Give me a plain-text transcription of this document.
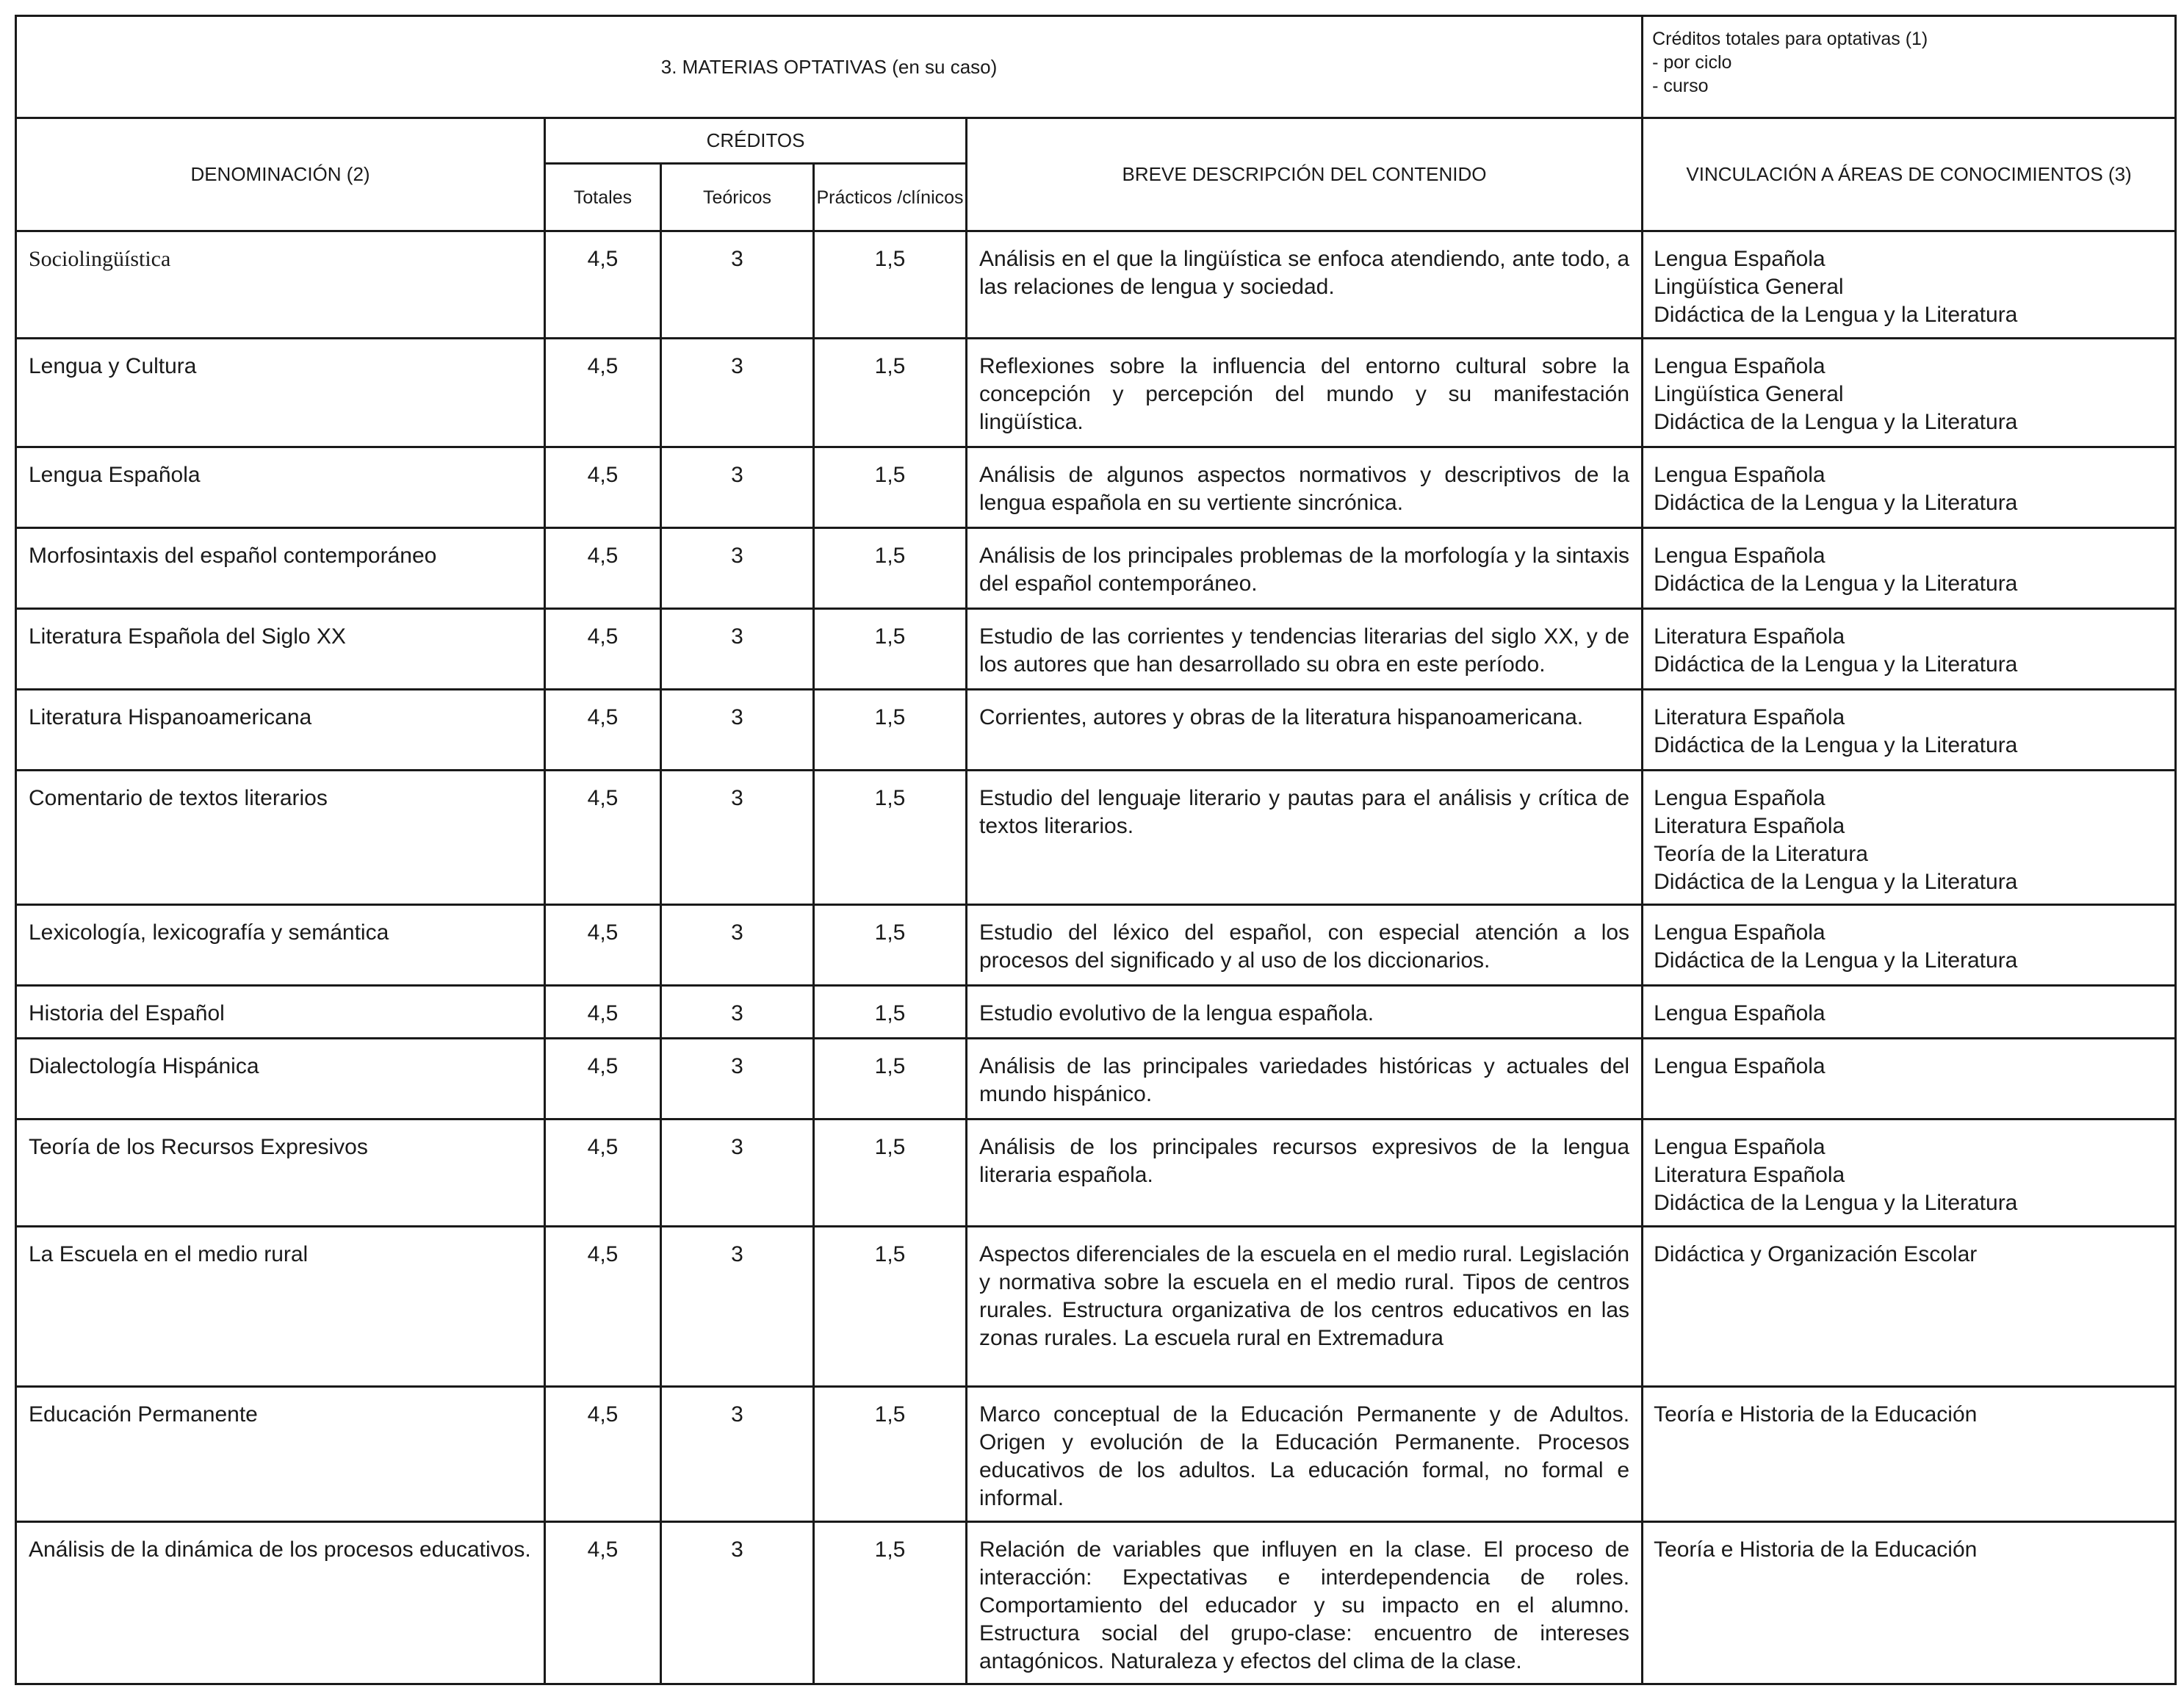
3. MATERIAS OPTATIVAS (en su caso)					Créditos totales para optativas (1)
- por ciclo
- curso

DENOMINACIÓN (2)	CRÉDITOS			BREVE DESCRIPCIÓN DEL CONTENIDO	VINCULACIÓN A ÁREAS DE CONOCIMIENTOS (3)
	Totales	Teóricos	Prácticos /clínicos		
Sociolingüística	4,5	3	1,5	Análisis en el que la lingüística se enfoca atendiendo, ante todo, a las relaciones de lengua y sociedad.	Lengua Española
Lingüística General
Didáctica de la Lengua y la Literatura

Lengua y Cultura	4,5	3	1,5	Reflexiones sobre la influencia del entorno cultural sobre la concepción y percepción del mundo y su manifestación lingüística.	Lengua Española
Lingüística General
Didáctica de la Lengua y la Literatura

Lengua Española	4,5	3	1,5	Análisis de algunos aspectos normativos y descriptivos de la lengua española en su vertiente sincrónica.	Lengua Española
Didáctica de la Lengua y la Literatura

Morfosintaxis del español contemporáneo	4,5	3	1,5	Análisis de los principales problemas de la morfología y la sintaxis del español contemporáneo.	Lengua Española
Didáctica de la Lengua y la Literatura

Literatura Española del Siglo XX	4,5	3	1,5	Estudio de las corrientes y tendencias literarias del siglo XX, y de los autores que han desarrollado su obra en este período.	Literatura Española
Didáctica de la Lengua y la Literatura

Literatura Hispanoamericana	4,5	3	1,5	Corrientes, autores y obras de la literatura hispanoamericana.	Literatura Española
Didáctica de la Lengua y la Literatura

Comentario de textos literarios	4,5	3	1,5	Estudio del lenguaje literario y pautas para el análisis y crítica de textos literarios.	Lengua Española
Literatura Española
Teoría de la Literatura
Didáctica de la Lengua y la Literatura

Lexicología, lexicografía y semántica	4,5	3	1,5	Estudio del léxico del español, con especial atención a los procesos del significado y al uso de los diccionarios.	Lengua Española
Didáctica de la Lengua y la Literatura

Historia del Español	4,5	3	1,5	Estudio evolutivo de la lengua española.	Lengua Española

Dialectología Hispánica	4,5	3	1,5	Análisis de las principales variedades históricas y actuales del mundo hispánico.	Lengua Española

Teoría de los Recursos Expresivos	4,5	3	1,5	Análisis de los principales recursos expresivos de la lengua literaria española.	Lengua Española
Literatura Española
Didáctica de la Lengua y la Literatura

La Escuela en el medio rural	4,5	3	1,5	Aspectos diferenciales de la escuela en el medio rural. Legislación y normativa sobre la escuela en el medio rural. Tipos de centros rurales. Estructura organizativa de los centros educativos en las zonas rurales. La escuela rural en Extremadura	Didáctica y Organización Escolar

Educación Permanente	4,5	3	1,5	Marco conceptual de la Educación Permanente y de Adultos. Origen y evolución de la Educación Permanente. Procesos educativos de los adultos. La educación formal, no formal e informal.	Teoría e Historia de la Educación

Análisis de la dinámica de los procesos educativos.	4,5	3	1,5	Relación de variables que influyen en la clase. El proceso de interacción: Expectativas e interdependencia de roles. Comportamiento del educador y su impacto en el alumno. Estructura social del grupo-clase: encuentro de intereses antagónicos. Naturaleza y efectos del clima de la clase.	Teoría e Historia de la Educación
